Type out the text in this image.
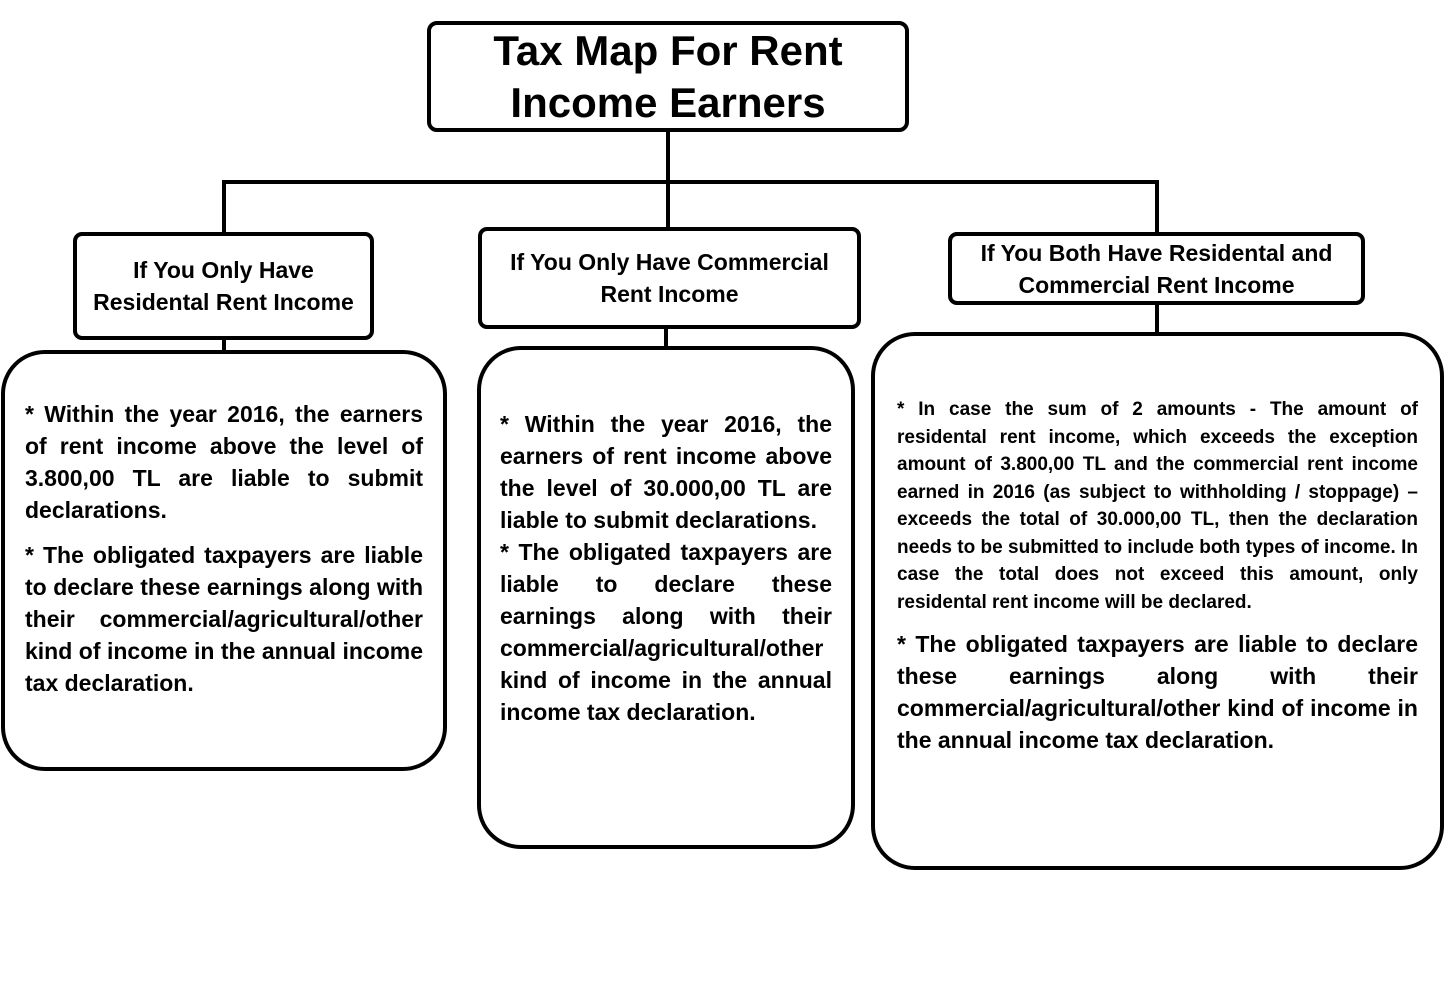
Tax Map For Rent Income Earners
If You Only Have Residental Rent Income
If You Only Have Commercial Rent Income
If You Both Have Residental and Commercial Rent Income

* Within the year 2016, the earners of rent income above the level of 3.800,00 TL are liable to submit declarations.

* The obligated taxpayers are liable to declare these earnings along with their commercial/agricultural/other kind of income in the annual income tax declaration.

* Within the year 2016, the earners of rent income above the level of 30.000,00 TL are liable to submit declarations.

* The obligated taxpayers are liable to declare these earnings along with their commercial/agricultural/other kind of income in the annual income tax declaration.

* In case the sum of 2 amounts - The amount of residental rent income, which exceeds the exception amount of 3.800,00 TL and the commercial rent income earned in 2016 (as subject to withholding / stoppage) – exceeds the total of 30.000,00 TL, then the declaration needs to be submitted to include both types of income. In case the total does not exceed this amount, only residental rent income will be declared.

* The obligated taxpayers are liable to declare these earnings along with their commercial/agricultural/other kind of income in the annual income tax declaration.
